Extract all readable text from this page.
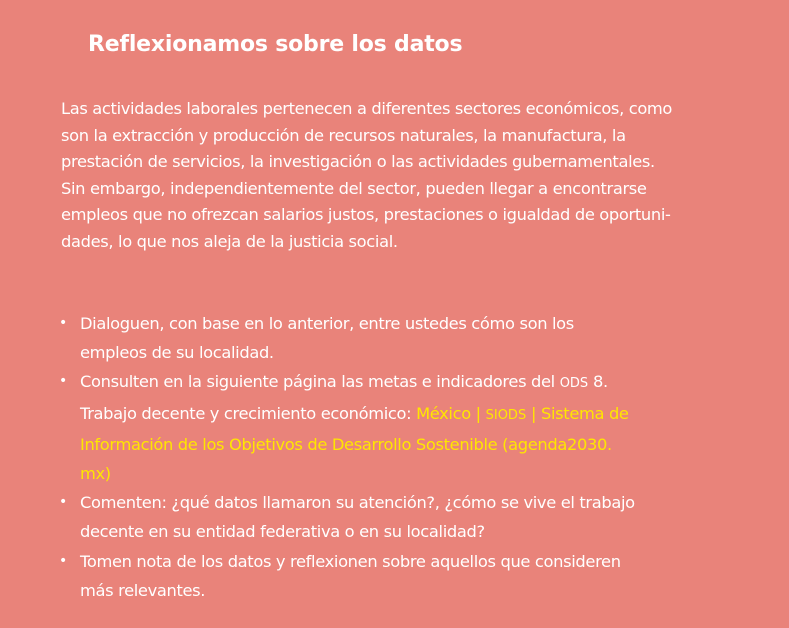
Reflexionamos sobre los datos

Las actividades laborales pertenecen a diferentes sectores económicos, como
son la extracción y producción de recursos naturales, la manufactura, la
prestación de servicios, la investigación o las actividades gubernamentales.
Sin embargo, independientemente del sector, pueden llegar a encontrarse
empleos que no ofrezcan salarios justos, prestaciones o igualdad de oportuni-
dades, lo que nos aleja de la justicia social.

• Dialoguen, con base en lo anterior, entre ustedes cómo son los
empleos de su localidad.
• Consulten en la siguiente página las metas e indicadores del ODS 8.
Trabajo decente y crecimiento económico: México | SIODS | Sistema de
Información de los Objetivos de Desarrollo Sostenible (agenda2030.
mx)
• Comenten: ¿qué datos llamaron su atención?, ¿cómo se vive el trabajo
decente en su entidad federativa o en su localidad?
• Tomen nota de los datos y reflexionen sobre aquellos que consideren
más relevantes.
